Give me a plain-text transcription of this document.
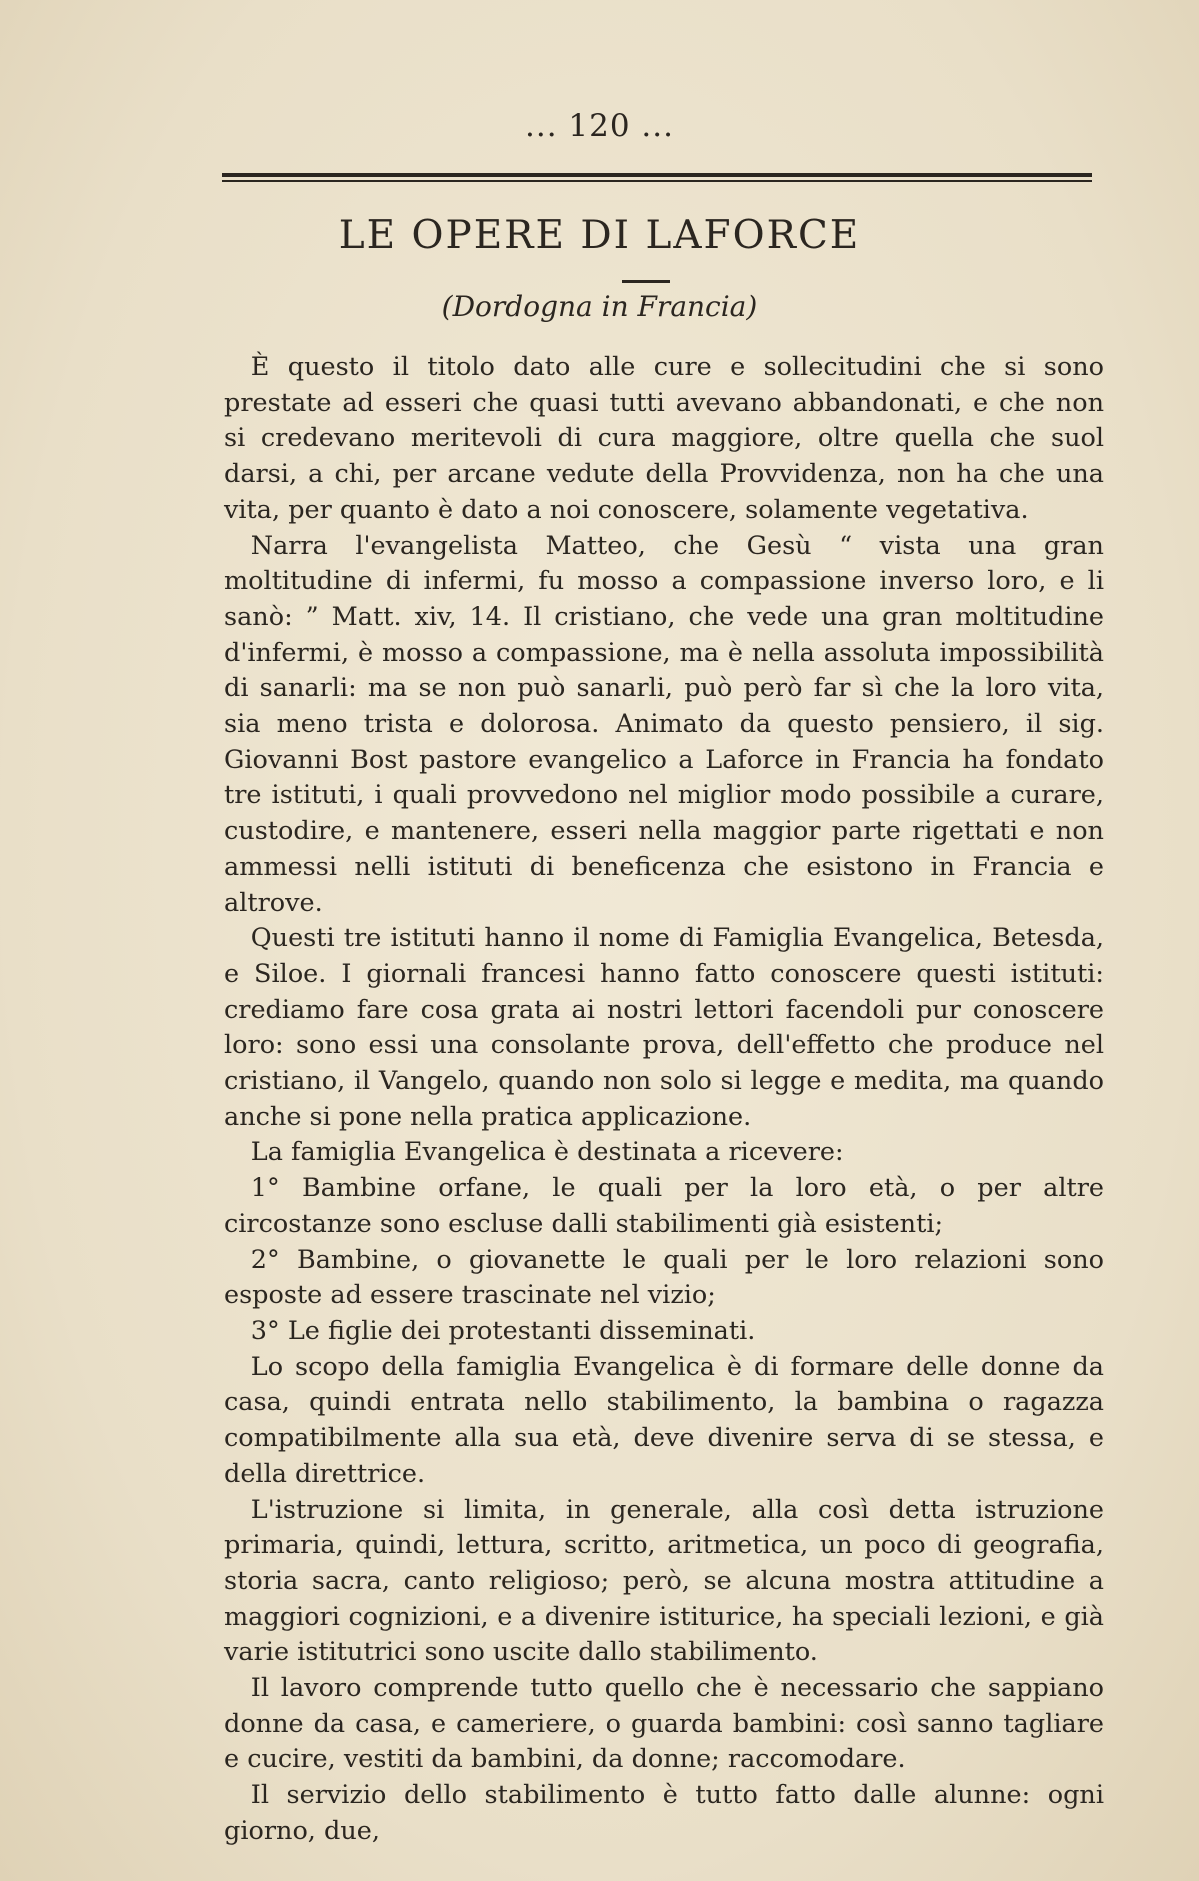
... 120 ...
LE OPERE DI LAFORCE
(Dordogna in Francia)

È questo il titolo dato alle cure e sollecitudini che si sono prestate ad esseri che quasi tutti avevano abbandonati, e che non si credevano meritevoli di cura maggiore, oltre quella che suol darsi, a chi, per arcane vedute della Provvidenza, non ha che una vita, per quanto è dato a noi conoscere, solamente vegetativa.

Narra l'evangelista Matteo, che Gesù “ vista una gran moltitudine di infermi, fu mosso a compassione inverso loro, e li sanò: ” Matt. xiv, 14. Il cristiano, che vede una gran moltitudine d'infermi, è mosso a compassione, ma è nella assoluta impossibilità di sanarli: ma se non può sanarli, può però far sì che la loro vita, sia meno trista e dolorosa. Animato da questo pensiero, il sig. Giovanni Bost pastore evangelico a Laforce in Francia ha fondato tre istituti, i quali provvedono nel miglior modo possibile a curare, custodire, e mantenere, esseri nella maggior parte rigettati e non ammessi nelli istituti di beneficenza che esistono in Francia e altrove.

Questi tre istituti hanno il nome di Famiglia Evangelica, Betesda, e Siloe. I giornali francesi hanno fatto conoscere questi istituti: crediamo fare cosa grata ai nostri lettori facendoli pur conoscere loro: sono essi una consolante prova, dell'effetto che produce nel cristiano, il Vangelo, quando non solo si legge e medita, ma quando anche si pone nella pratica applicazione.

La famiglia Evangelica è destinata a ricevere:

1° Bambine orfane, le quali per la loro età, o per altre circostanze sono escluse dalli stabilimenti già esistenti;

2° Bambine, o giovanette le quali per le loro relazioni sono esposte ad essere trascinate nel vizio;

3° Le figlie dei protestanti disseminati.

Lo scopo della famiglia Evangelica è di formare delle donne da casa, quindi entrata nello stabilimento, la bambina o ragazza compatibilmente alla sua età, deve divenire serva di se stessa, e della direttrice.

L'istruzione si limita, in generale, alla così detta istruzione primaria, quindi, lettura, scritto, aritmetica, un poco di geografia, storia sacra, canto religioso; però, se alcuna mostra attitudine a maggiori cognizioni, e a divenire istiturice, ha speciali lezioni, e già varie istitutrici sono uscite dallo stabilimento.

Il lavoro comprende tutto quello che è necessario che sappiano donne da casa, e cameriere, o guarda bambini: così sanno tagliare e cucire, vestiti da bambini, da donne; raccomodare.

Il servizio dello stabilimento è tutto fatto dalle alunne: ogni giorno, due,
